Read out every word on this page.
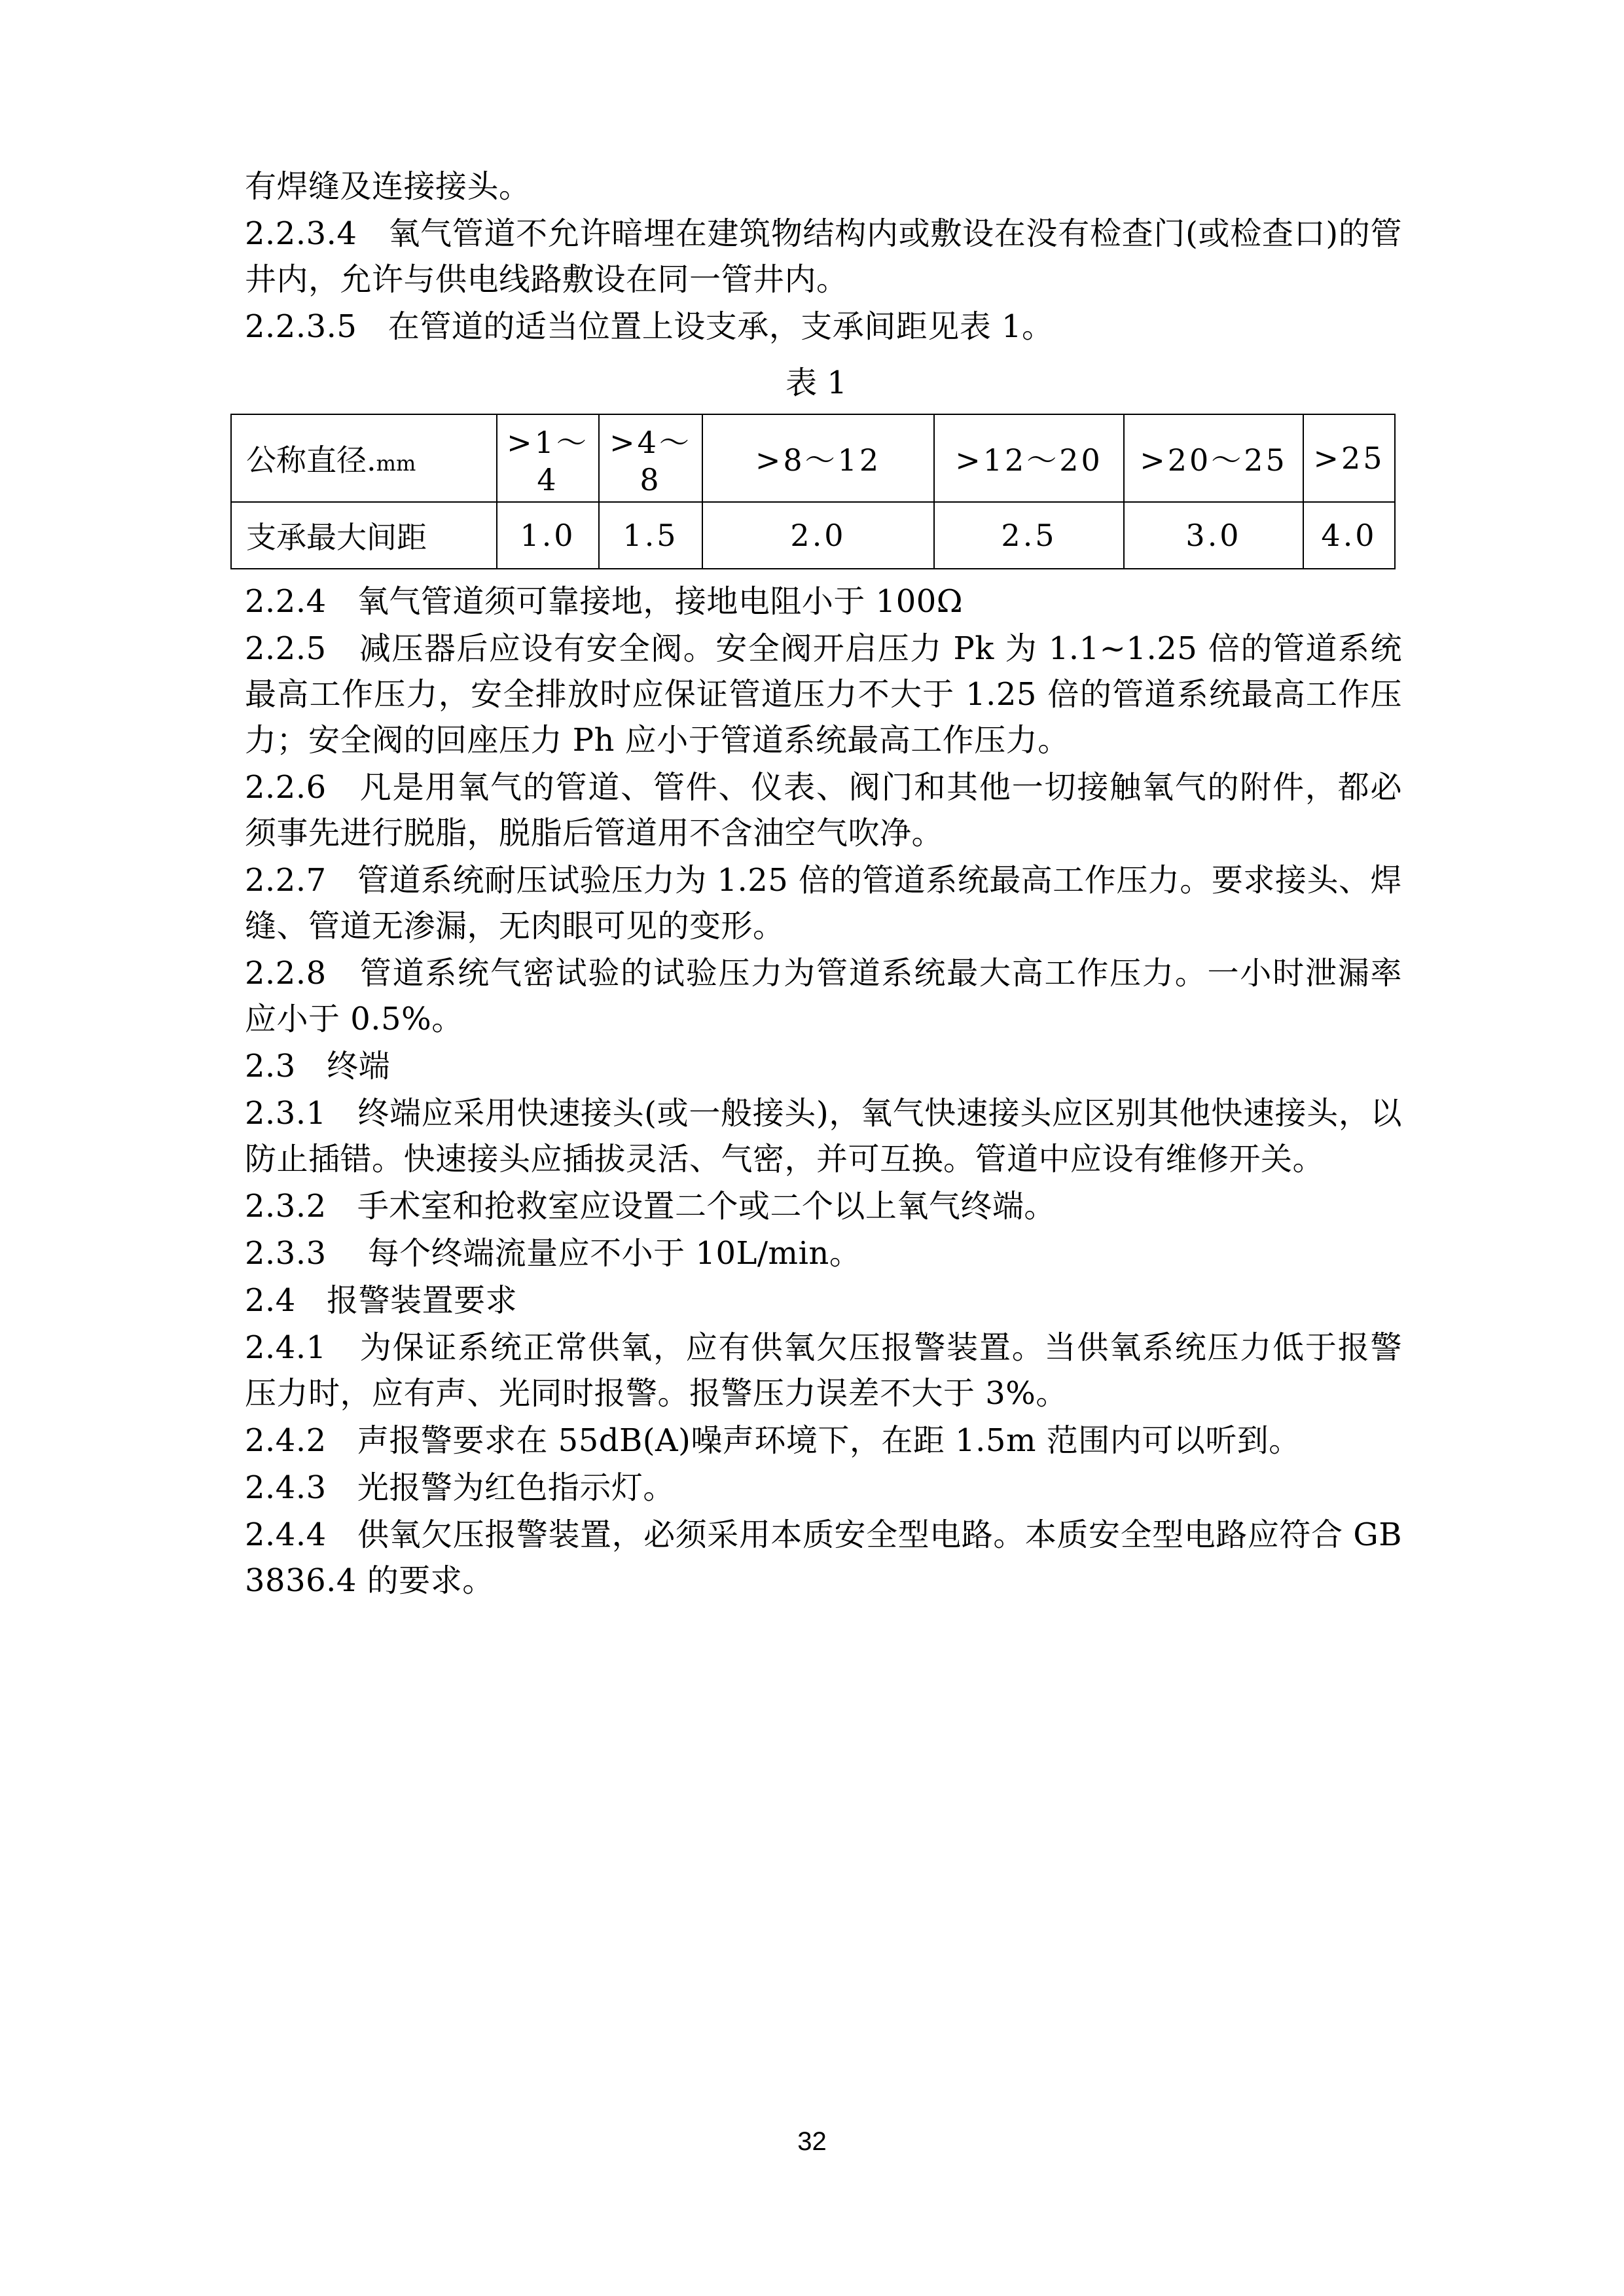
有焊缝及连接接头。

2.2.3.4   氧气管道不允许暗埋在建筑物结构内或敷设在没有检查门(或检查口)的管井内，允许与供电线路敷设在同一管井内。

2.2.3.5   在管道的适当位置上设支承，支承间距见表 1。

表 1
公称直径.mm	>1～4	>4～8	>8～12	>12～20	>20～25	>25
支承最大间距	1.0	1.5	2.0	2.5	3.0	4.0

2.2.4   氧气管道须可靠接地，接地电阻小于 100Ω

2.2.5   减压器后应设有安全阀。安全阀开启压力 Pk 为 1.1~1.25 倍的管道系统最高工作压力，安全排放时应保证管道压力不大于 1.25 倍的管道系统最高工作压力；安全阀的回座压力 Ph 应小于管道系统最高工作压力。

2.2.6   凡是用氧气的管道、管件、仪表、阀门和其他一切接触氧气的附件，都必须事先进行脱脂，脱脂后管道用不含油空气吹净。

2.2.7   管道系统耐压试验压力为 1.25 倍的管道系统最高工作压力。要求接头、焊缝、管道无渗漏，无肉眼可见的变形。

2.2.8   管道系统气密试验的试验压力为管道系统最大高工作压力。一小时泄漏率应小于 0.5%。

2.3   终端

2.3.1   终端应采用快速接头(或一般接头)，氧气快速接头应区别其他快速接头，以防止插错。快速接头应插拔灵活、气密，并可互换。管道中应设有维修开关。

2.3.2   手术室和抢救室应设置二个或二个以上氧气终端。

2.3.3    每个终端流量应不小于 10L/min。

2.4   报警装置要求

2.4.1   为保证系统正常供氧，应有供氧欠压报警装置。当供氧系统压力低于报警压力时，应有声、光同时报警。报警压力误差不大于 3%。

2.4.2   声报警要求在 55dB(A)噪声环境下，在距 1.5m 范围内可以听到。

2.4.3   光报警为红色指示灯。

2.4.4   供氧欠压报警装置，必须采用本质安全型电路。本质安全型电路应符合 GB 3836.4 的要求。

32
